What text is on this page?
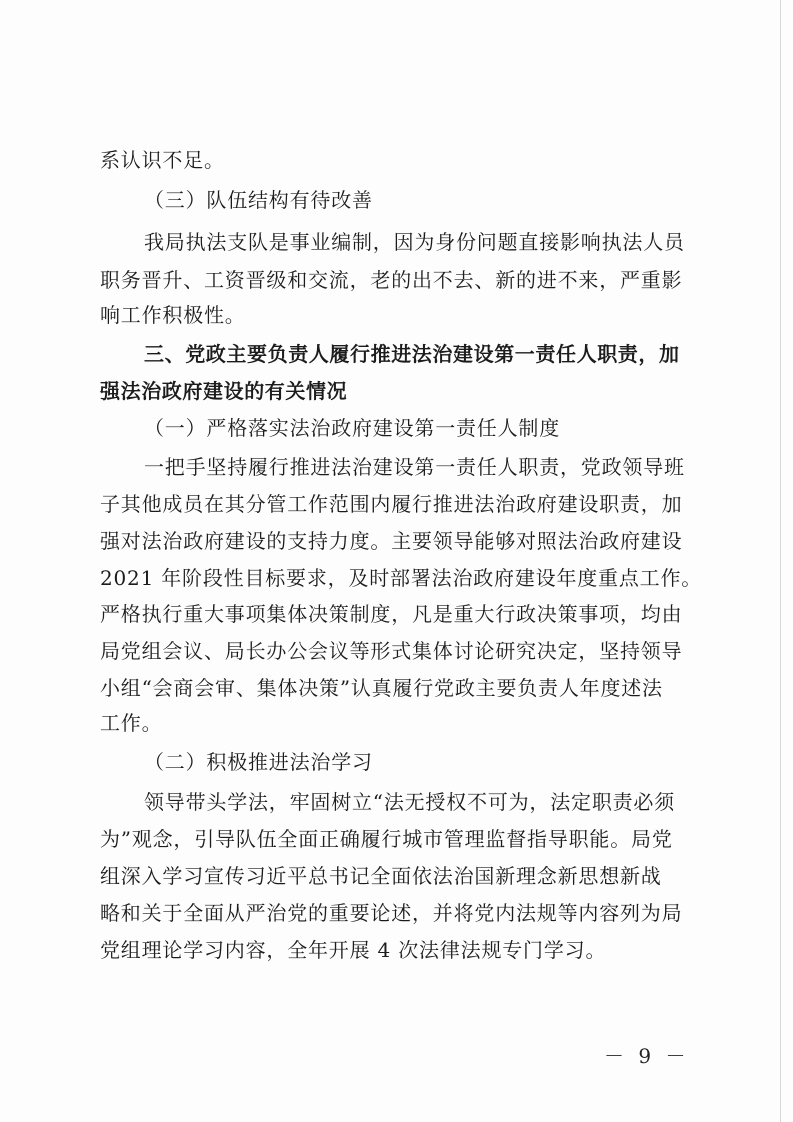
系认识不足。
（三）队伍结构有待改善
我局执法支队是事业编制，因为身份问题直接影响执法人员
职务晋升、工资晋级和交流，老的出不去、新的进不来，严重影
响工作积极性。
三、党政主要负责人履行推进法治建设第一责任人职责，加
强法治政府建设的有关情况
（一）严格落实法治政府建设第一责任人制度
一把手坚持履行推进法治建设第一责任人职责，党政领导班
子其他成员在其分管工作范围内履行推进法治政府建设职责，加
强对法治政府建设的支持力度。主要领导能够对照法治政府建设
2021 年阶段性目标要求，及时部署法治政府建设年度重点工作。
严格执行重大事项集体决策制度，凡是重大行政决策事项，均由
局党组会议、局长办公会议等形式集体讨论研究决定，坚持领导
小组“会商会审、集体决策”认真履行党政主要负责人年度述法
工作。
（二）积极推进法治学习
领导带头学法，牢固树立“法无授权不可为，法定职责必须
为”观念，引导队伍全面正确履行城市管理监督指导职能。局党
组深入学习宣传习近平总书记全面依法治国新理念新思想新战
略和关于全面从严治党的重要论述，并将党内法规等内容列为局
党组理论学习内容，全年开展 4 次法律法规专门学习。
－ 9 －
